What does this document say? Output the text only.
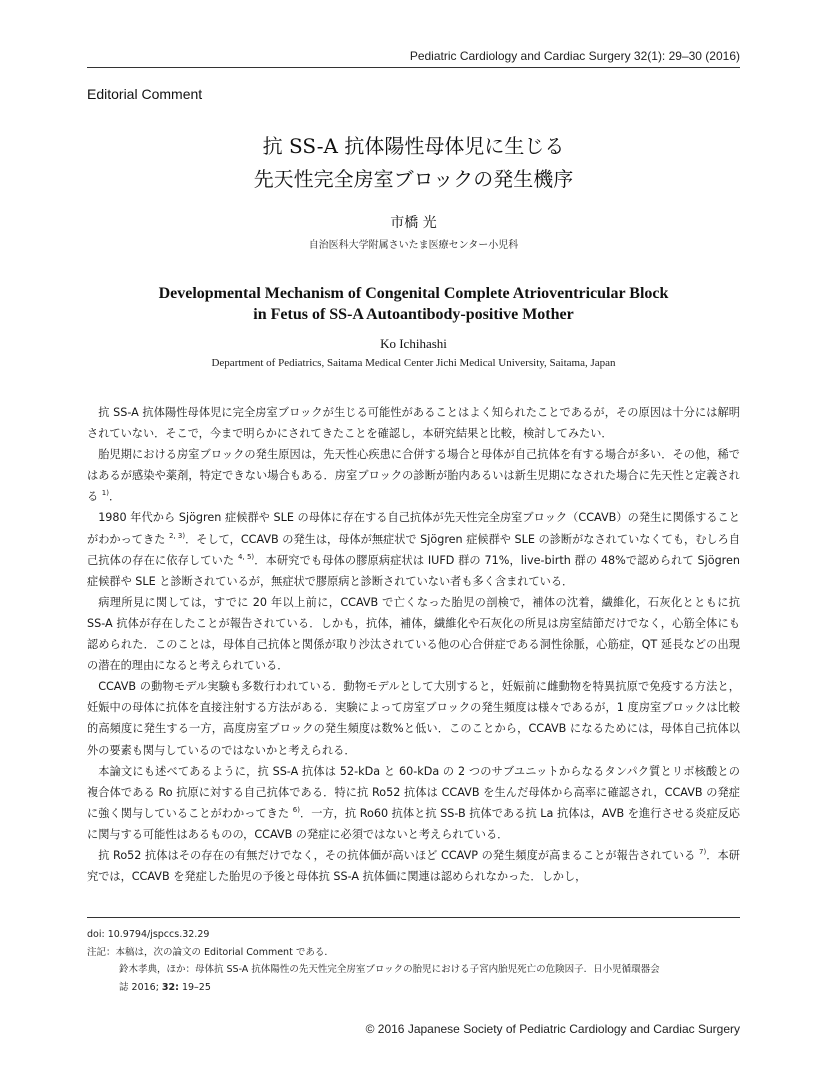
Pediatric Cardiology and Cardiac Surgery 32(1): 29–30 (2016)
Editorial Comment
抗 SS-A 抗体陽性母体児に生じる
先天性完全房室ブロックの発生機序
市橋 光
自治医科大学附属さいたま医療センター小児科
Developmental Mechanism of Congenital Complete Atrioventricular Block
in Fetus of SS-A Autoantibody-positive Mother
Ko Ichihashi
Department of Pediatrics, Saitama Medical Center Jichi Medical University, Saitama, Japan

抗 SS-A 抗体陽性母体児に完全房室ブロックが生じる可能性があることはよく知られたことであるが，その原因は十分には解明されていない．そこで，今まで明らかにされてきたことを確認し，本研究結果と比較，検討してみたい．

胎児期における房室ブロックの発生原因は，先天性心疾患に合併する場合と母体が自己抗体を有する場合が多い．その他，稀ではあるが感染や薬剤，特定できない場合もある．房室ブロックの診断が胎内あるいは新生児期になされた場合に先天性と定義される $^{1)}$．

1980 年代から Sjögren 症候群や SLE の母体に存在する自己抗体が先天性完全房室ブロック（CCAVB）の発生に関係することがわかってきた $^{2, 3)}$．そして，CCAVB の発生は，母体が無症状で Sjögren 症候群や SLE の診断がなされていなくても，むしろ自己抗体の存在に依存していた $^{4, 5)}$．本研究でも母体の膠原病症状は IUFD 群の 71%，live-birth 群の 48%で認められて Sjögren 症候群や SLE と診断されているが，無症状で膠原病と診断されていない者も多く含まれている．

病理所見に関しては，すでに 20 年以上前に，CCAVB で亡くなった胎児の剖検で，補体の沈着，繊維化，石灰化とともに抗 SS-A 抗体が存在したことが報告されている．しかも，抗体，補体，繊維化や石灰化の所見は房室結節だけでなく，心筋全体にも認められた．このことは，母体自己抗体と関係が取り沙汰されている他の心合併症である洞性徐脈，心筋症，QT 延長などの出現の潜在的理由になると考えられている．

CCAVB の動物モデル実験も多数行われている．動物モデルとして大別すると，妊娠前に雌動物を特異抗原で免疫する方法と，妊娠中の母体に抗体を直接注射する方法がある．実験によって房室ブロックの発生頻度は様々であるが，1 度房室ブロックは比較的高頻度に発生する一方，高度房室ブロックの発生頻度は数%と低い．このことから，CCAVB になるためには，母体自己抗体以外の要素も関与しているのではないかと考えられる．

本論文にも述べてあるように，抗 SS-A 抗体は 52-kDa と 60-kDa の 2 つのサブユニットからなるタンパク質とリボ核酸との複合体である Ro 抗原に対する自己抗体である．特に抗 Ro52 抗体は CCAVB を生んだ母体から高率に確認され，CCAVB の発症に強く関与していることがわかってきた $^{6)}$．一方，抗 Ro60 抗体と抗 SS-B 抗体である抗 La 抗体は，AVB を進行させる炎症反応に関与する可能性はあるものの，CCAVB の発症に必須ではないと考えられている．

抗 Ro52 抗体はその存在の有無だけでなく，その抗体価が高いほど CCAVP の発生頻度が高まることが報告されている $^{7)}$．本研究では，CCAVB を発症した胎児の予後と母体抗 SS-A 抗体価に関連は認められなかった．しかし，

doi: 10.9794/jspccs.32.29
注記：本稿は，次の論文の Editorial Comment である．
鈴木孝典，ほか：母体抗 SS-A 抗体陽性の先天性完全房室ブロックの胎児における子宮内胎児死亡の危険因子．日小児循環器会
誌 2016; 32: 19–25
© 2016 Japanese Society of Pediatric Cardiology and Cardiac Surgery
